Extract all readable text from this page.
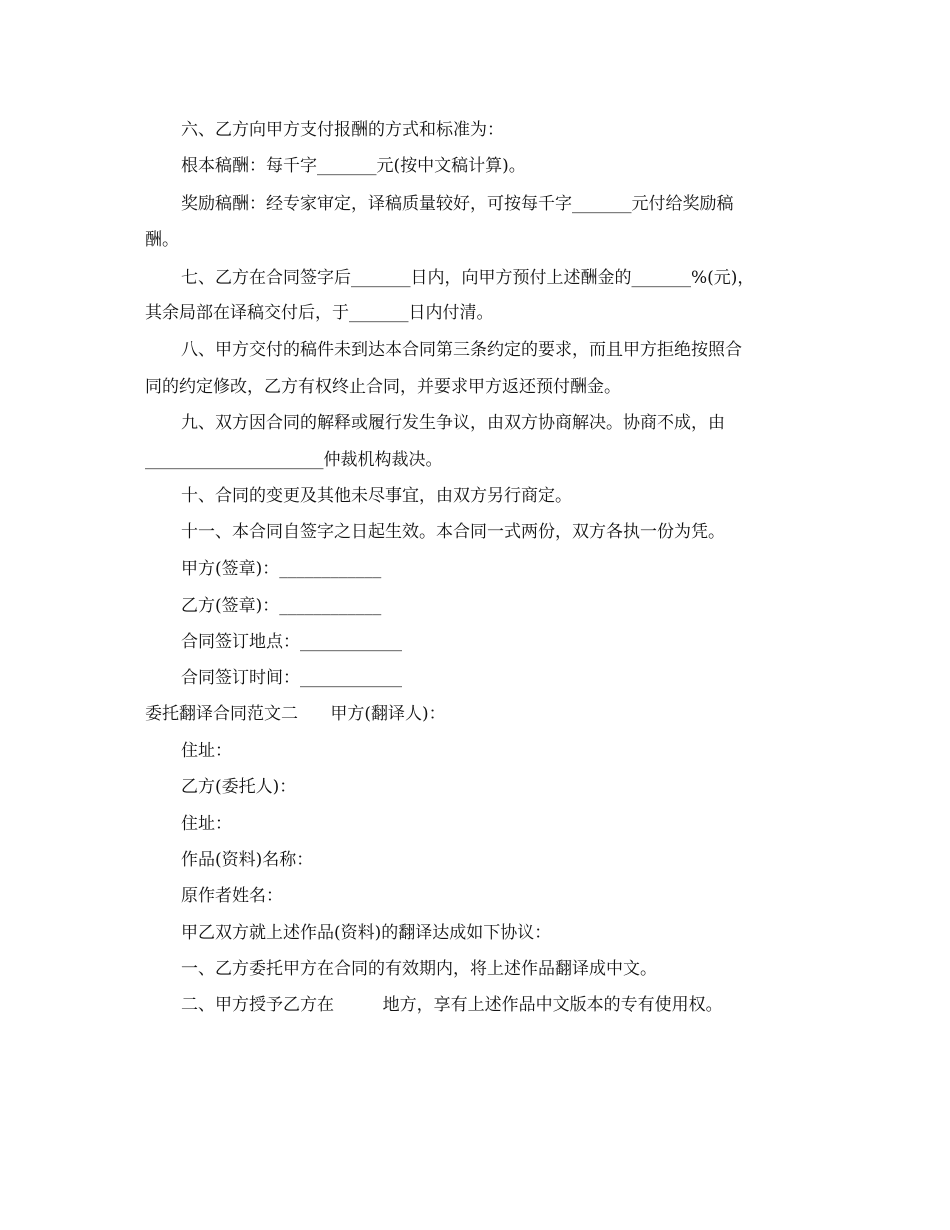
六、乙方向甲方支付报酬的方式和标准为：
根本稿酬：每千字_______元(按中文稿计算)。
奖励稿酬：经专家审定，译稿质量较好，可按每千字_______元付给奖励稿
酬。
七、乙方在合同签字后_______日内，向甲方预付上述酬金的_______%(元)，
其余局部在译稿交付后，于_______日内付清。
八、甲方交付的稿件未到达本合同第三条约定的要求，而且甲方拒绝按照合
同的约定修改，乙方有权终止合同，并要求甲方返还预付酬金。
九、双方因合同的解释或履行发生争议，由双方协商解决。协商不成，由
_____________________仲裁机构裁决。
十、合同的变更及其他未尽事宜，由双方另行商定。
十一、本合同自签字之日起生效。本合同一式两份，双方各执一份为凭。
甲方(签章)：____________
乙方(签章)：____________
合同签订地点：____________
合同签订时间：____________
委托翻译合同范文二      甲方(翻译人)：
住址：
乙方(委托人)：
住址：
作品(资料)名称：
原作者姓名：
甲乙双方就上述作品(资料)的翻译达成如下协议：
一、乙方委托甲方在合同的有效期内，将上述作品翻译成中文。
二、甲方授予乙方在         地方，享有上述作品中文版本的专有使用权。
